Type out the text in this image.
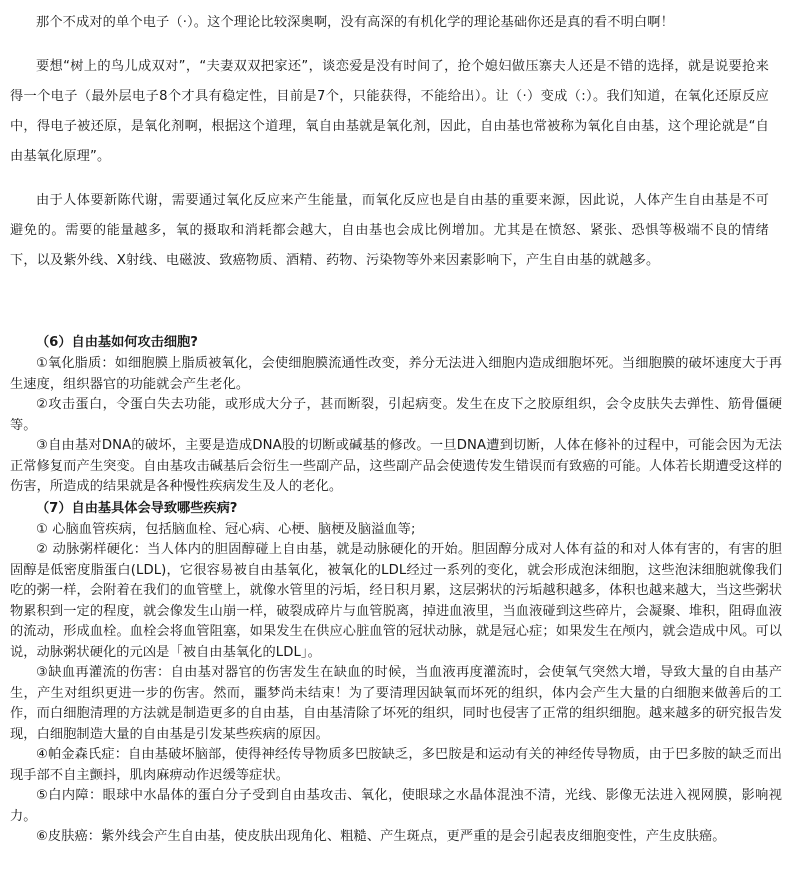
那个不成对的单个电子（·）。这个理论比较深奥啊，没有高深的有机化学的理论基础你还是真的看不明白啊！

要想“树上的鸟儿成双对”，“夫妻双双把家还”，谈恋爱是没有时间了，抢个媳妇做压寨夫人还是不错的选择，就是说要抢来得一个电子（最外层电子8个才具有稳定性，目前是7个，只能获得，不能给出）。让（·）变成（:）。我们知道，在氧化还原反应中，得电子被还原，是氧化剂啊，根据这个道理，氧自由基就是氧化剂，因此，自由基也常被称为氧化自由基，这个理论就是“自由基氧化原理”。

由于人体要新陈代谢，需要通过氧化反应来产生能量，而氧化反应也是自由基的重要来源，因此说，人体产生自由基是不可避免的。需要的能量越多，氧的摄取和消耗都会越大，自由基也会成比例增加。尤其是在愤怒、紧张、恐惧等极端不良的情绪下，以及紫外线、X射线、电磁波、致癌物质、酒精、药物、污染物等外来因素影响下，产生自由基的就越多。

（6）自由基如何攻击细胞?

①氧化脂质：如细胞膜上脂质被氧化，会使细胞膜流通性改变，养分无法进入细胞内造成细胞坏死。当细胞膜的破坏速度大于再生速度，组织器官的功能就会产生老化。

②攻击蛋白，令蛋白失去功能，或形成大分子，甚而断裂，引起病变。发生在皮下之胶原组织，会令皮肤失去弹性、筋骨僵硬等。

③自由基对DNA的破坏，主要是造成DNA股的切断或碱基的修改。一旦DNA遭到切断，人体在修补的过程中，可能会因为无法正常修复而产生突变。自由基攻击碱基后会衍生一些副产品，这些副产品会使遗传发生错误而有致癌的可能。人体若长期遭受这样的伤害，所造成的结果就是各种慢性疾病发生及人的老化。

（7）自由基具体会导致哪些疾病?

① 心脑血管疾病，包括脑血栓、冠心病、心梗、脑梗及脑溢血等;

② 动脉粥样硬化：当人体内的胆固醇碰上自由基，就是动脉硬化的开始。胆固醇分成对人体有益的和对人体有害的，有害的胆固醇是低密度脂蛋白(LDL)，它很容易被自由基氧化，被氧化的LDL经过一系列的变化，就会形成泡沫细胞，这些泡沫细胞就像我们吃的粥一样，会附着在我们的血管壁上，就像水管里的污垢，经日积月累，这层粥状的污垢越积越多，体积也越来越大，当这些粥状物累积到一定的程度，就会像发生山崩一样，破裂成碎片与血管脱离，掉进血液里，当血液碰到这些碎片，会凝聚、堆积，阻碍血液的流动，形成血栓。血栓会将血管阻塞，如果发生在供应心脏血管的冠状动脉，就是冠心症；如果发生在颅内，就会造成中风。可以说，动脉粥状硬化的元凶是「被自由基氧化的LDL」。

③缺血再灌流的伤害：自由基对器官的伤害发生在缺血的时候，当血液再度灌流时，会使氧气突然大增，导致大量的自由基产生，产生对组织更进一步的伤害。然而，噩梦尚未结束！为了要清理因缺氧而坏死的组织，体内会产生大量的白细胞来做善后的工作，而白细胞清理的方法就是制造更多的自由基，自由基清除了坏死的组织，同时也侵害了正常的组织细胞。越来越多的研究报告发现，白细胞制造大量的自由基是引发某些疾病的原因。

④帕金森氏症：自由基破坏脑部，使得神经传导物质多巴胺缺乏，多巴胺是和运动有关的神经传导物质，由于巴多胺的缺乏而出现手部不自主颤抖，肌肉麻痹动作迟缓等症状。

⑤白内障：眼球中水晶体的蛋白分子受到自由基攻击、氧化，使眼球之水晶体混浊不清，光线、影像无法进入视网膜，影响视力。

⑥皮肤癌：紫外线会产生自由基，使皮肤出现角化、粗糙、产生斑点，更严重的是会引起表皮细胞变性，产生皮肤癌。
